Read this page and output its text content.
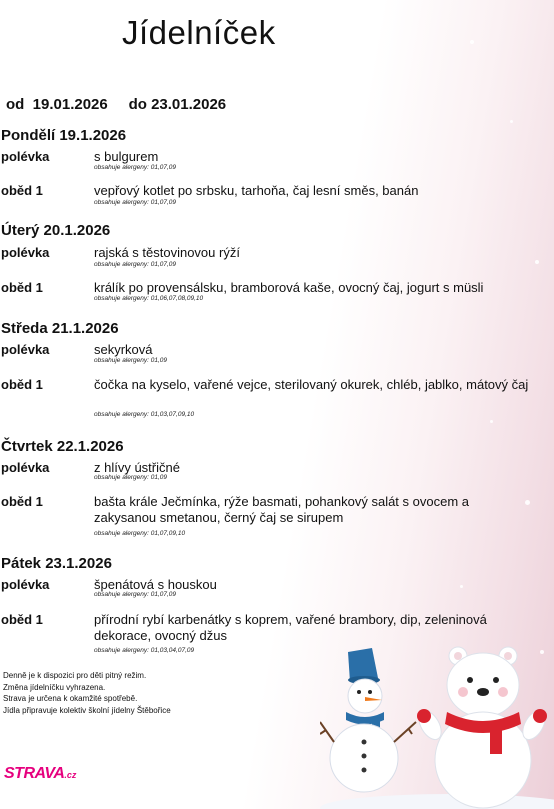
Jídelníček
od  19.01.2026     do 23.01.2026
Pondělí 19.1.2026
polévka	s bulgurem
obsahuje alergeny: 01,07,09
oběd 1	vepřový kotlet po srbsku, tarhoňa, čaj lesní směs, banán
obsahuje alergeny: 01,07,09
Úterý 20.1.2026
polévka	rajská s těstovinovou rýží
obsahuje alergeny: 01,07,09
oběd 1	králík po provensálsku, bramborová kaše, ovocný čaj, jogurt s müsli
obsahuje alergeny: 01,06,07,08,09,10
Středa 21.1.2026
polévka	sekyrková
obsahuje alergeny: 01,09
oběd 1	čočka na kyselo, vařené vejce, sterilovaný okurek, chléb, jablko, mátový čaj
obsahuje alergeny: 01,03,07,09,10
Čtvrtek 22.1.2026
polévka	z hlívy ústřičné
obsahuje alergeny: 01,09
oběd 1	bašta krále Ječmínka, rýže basmati, pohankový salát s ovocem a zakysanou smetanou, černý čaj se sirupem
obsahuje alergeny: 01,07,09,10
Pátek 23.1.2026
polévka	špenátová s houskou
obsahuje alergeny: 01,07,09
oběd 1	přírodní rybí karbenátky s koprem, vařené brambory, dip, zeleninová dekorace, ovocný džus
obsahuje alergeny: 01,03,04,07,09
Denně je k dispozici pro děti pitný režim.
Změna jídelníčku vyhrazena.
Strava je určena k okamžité spotřebě.
Jídla připravuje kolektiv školní jídelny Štěbořice
STRAVA.cz
